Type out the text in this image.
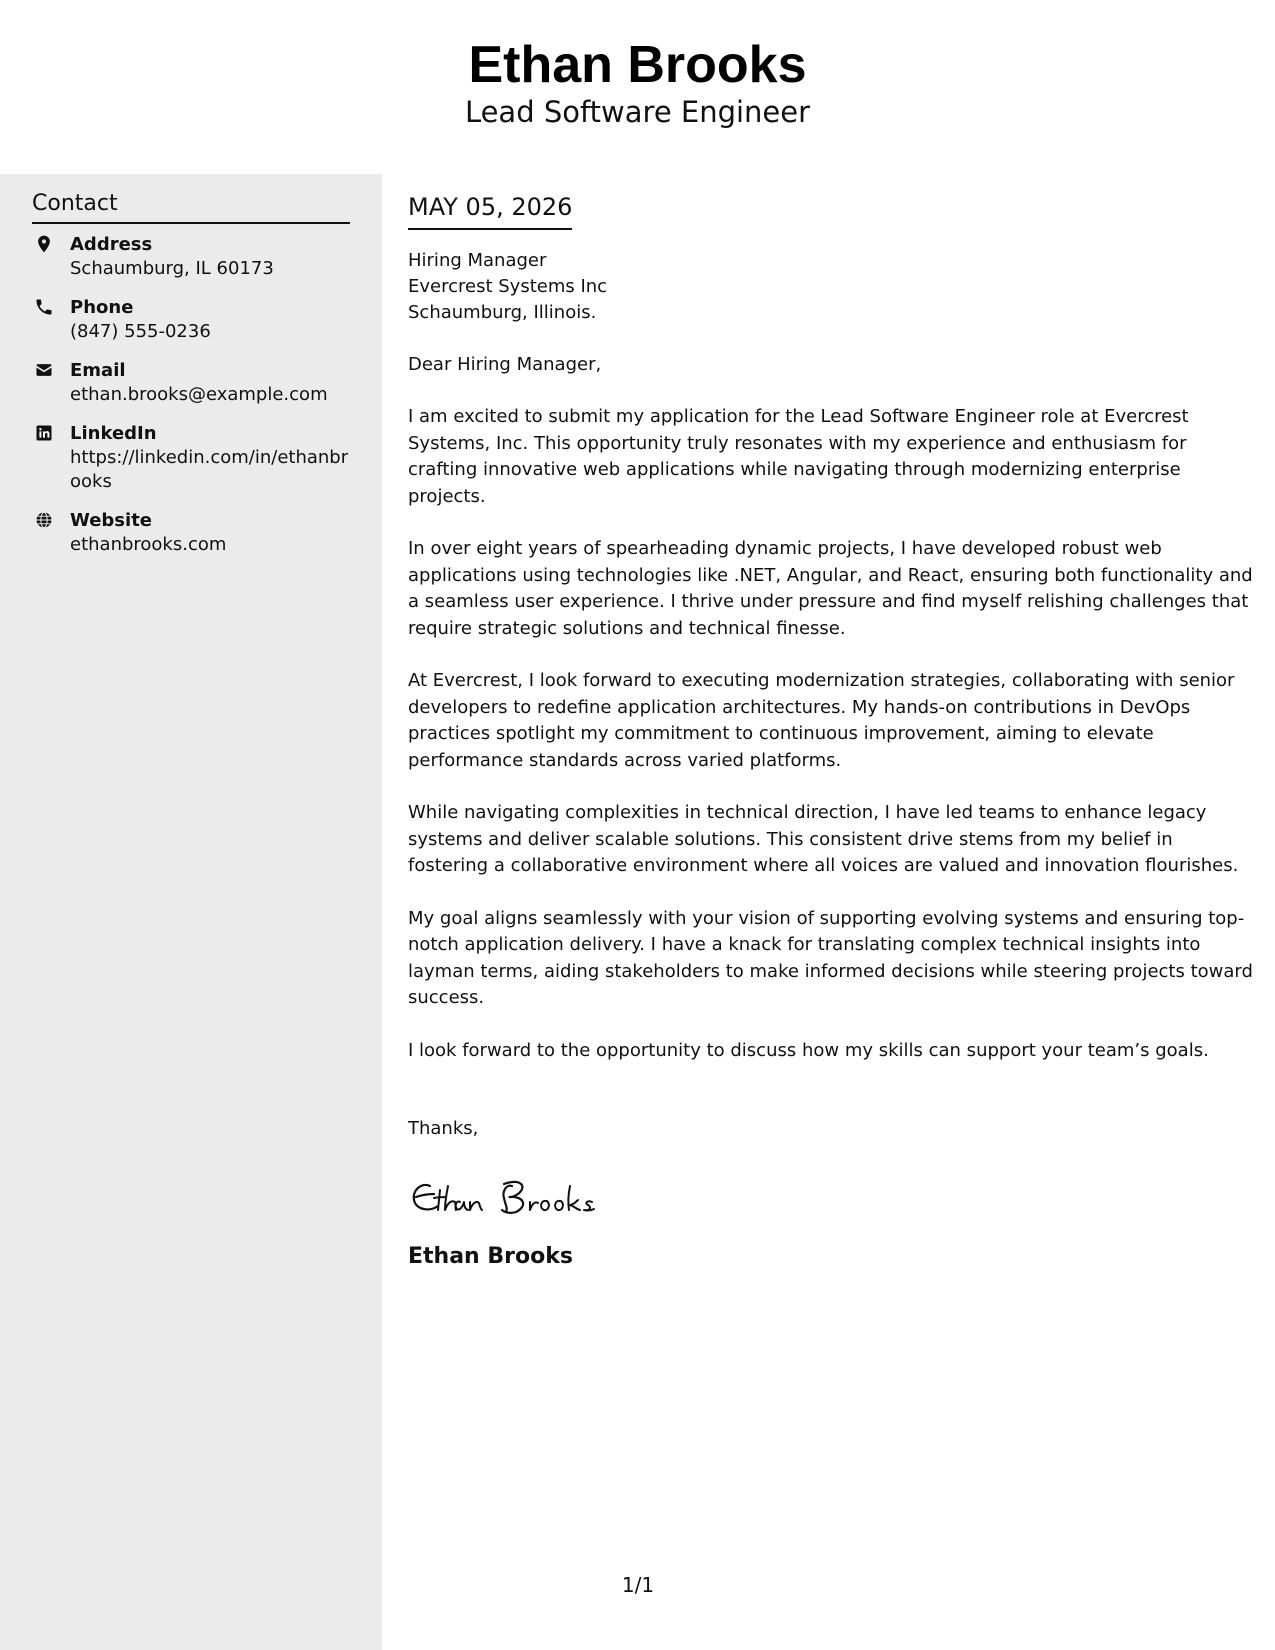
Ethan Brooks
Lead Software Engineer
Contact
Address
Schaumburg, IL 60173
Phone
(847) 555-0236
Email
ethan.brooks@example.com
LinkedIn
https://linkedin.com/in/ethanbrooks
Website
ethanbrooks.com
MAY 05, 2026
Hiring Manager
Evercrest Systems Inc
Schaumburg, Illinois.
Dear Hiring Manager,
I am excited to submit my application for the Lead Software Engineer role at Evercrest Systems, Inc. This opportunity truly resonates with my experience and enthusiasm for crafting innovative web applications while navigating through modernizing enterprise projects.
In over eight years of spearheading dynamic projects, I have developed robust web applications using technologies like .NET, Angular, and React, ensuring both functionality and a seamless user experience. I thrive under pressure and find myself relishing challenges that require strategic solutions and technical finesse.
At Evercrest, I look forward to executing modernization strategies, collaborating with senior developers to redefine application architectures. My hands-on contributions in DevOps practices spotlight my commitment to continuous improvement, aiming to elevate performance standards across varied platforms.
While navigating complexities in technical direction, I have led teams to enhance legacy systems and deliver scalable solutions. This consistent drive stems from my belief in fostering a collaborative environment where all voices are valued and innovation flourishes.
My goal aligns seamlessly with your vision of supporting evolving systems and ensuring top-notch application delivery. I have a knack for translating complex technical insights into layman terms, aiding stakeholders to make informed decisions while steering projects toward success.
I look forward to the opportunity to discuss how my skills can support your team’s goals.
Thanks,
Ethan Brooks
1/1
